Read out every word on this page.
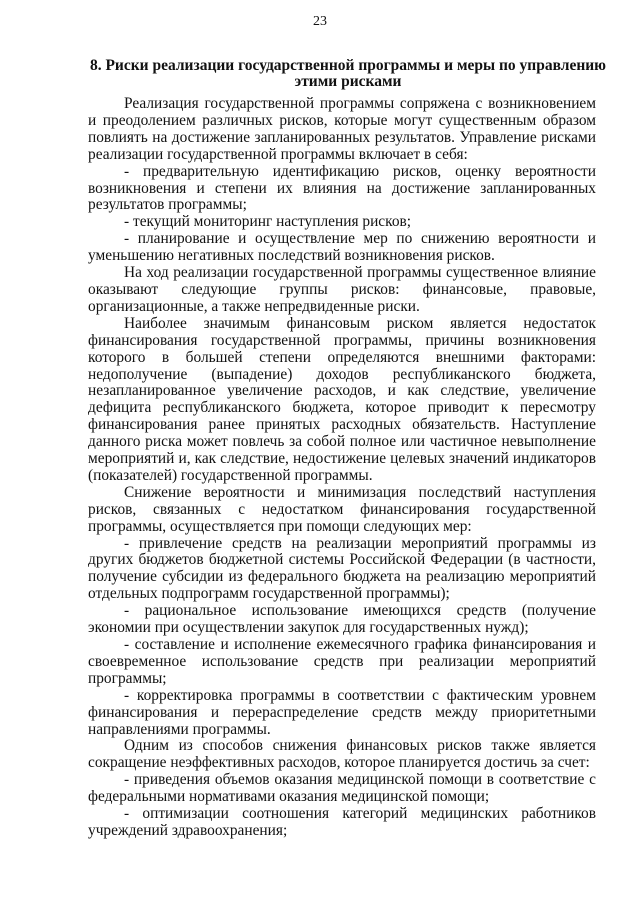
23
8. Риски реализации государственной программы и меры по управлению этими рисками

Реализация государственной программы сопряжена с возникновением и преодолением различных рисков, которые могут существенным образом повлиять на достижение запланированных результатов. Управление рисками реализации государственной программы включает в себя:

- предварительную идентификацию рисков, оценку вероятности возникновения и степени их влияния на достижение запланированных результатов программы;

- текущий мониторинг наступления рисков;

- планирование и осуществление мер по снижению вероятности и уменьшению негативных последствий возникновения рисков.

На ход реализации государственной программы существенное влияние оказывают следующие группы рисков: финансовые, правовые, организационные, а также непредвиденные риски.

Наиболее значимым финансовым риском является недостаток финансирования государственной программы, причины возникновения которого в большей степени определяются внешними факторами: недополучение (выпадение) доходов республиканского бюджета, незапланированное увеличение расходов, и как следствие, увеличение дефицита республиканского бюджета, которое приводит к пересмотру финансирования ранее принятых расходных обязательств. Наступление данного риска может повлечь за собой полное или частичное невыполнение мероприятий и, как следствие, недостижение целевых значений индикаторов (показателей) государственной программы.

Снижение вероятности и минимизация последствий наступления рисков, связанных с недостатком финансирования государственной программы, осуществляется при помощи следующих мер:

- привлечение средств на реализации мероприятий программы из других бюджетов бюджетной системы Российской Федерации (в частности, получение субсидии из федерального бюджета на реализацию мероприятий отдельных подпрограмм государственной программы);

- рациональное использование имеющихся средств (получение экономии при осуществлении закупок для государственных нужд);

- составление и исполнение ежемесячного графика финансирования и своевременное использование средств при реализации мероприятий программы;

- корректировка программы в соответствии с фактическим уровнем финансирования и перераспределение средств между приоритетными направлениями программы.

Одним из способов снижения финансовых рисков также является сокращение неэффективных расходов, которое планируется достичь за счет:

- приведения объемов оказания медицинской помощи в соответствие с федеральными нормативами оказания медицинской помощи;

- оптимизации соотношения категорий медицинских работников учреждений здравоохранения;
